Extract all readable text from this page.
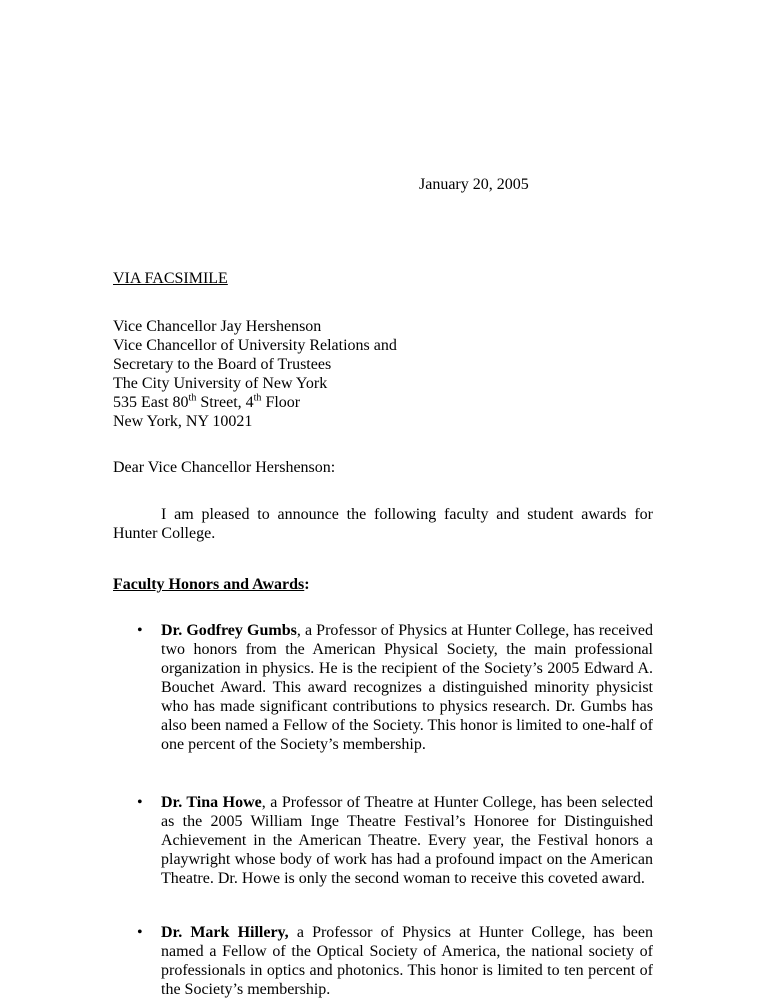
January 20, 2005
VIA FACSIMILE
Vice Chancellor Jay Hershenson
Vice Chancellor of University Relations and
Secretary to the Board of Trustees
The City University of New York
535 East 80th Street, 4th Floor
New York, NY 10021
Dear Vice Chancellor Hershenson:
I am pleased to announce the following faculty and student awards for Hunter College.
Faculty Honors and Awards:
• Dr. Godfrey Gumbs, a Professor of Physics at Hunter College, has received two honors from the American Physical Society, the main professional organization in physics. He is the recipient of the Society’s 2005 Edward A. Bouchet Award. This award recognizes a distinguished minority physicist who has made significant contributions to physics research. Dr. Gumbs has also been named a Fellow of the Society. This honor is limited to one-half of one percent of the Society’s membership.
• Dr. Tina Howe, a Professor of Theatre at Hunter College, has been selected as the 2005 William Inge Theatre Festival’s Honoree for Distinguished Achievement in the American Theatre. Every year, the Festival honors a playwright whose body of work has had a profound impact on the American Theatre. Dr. Howe is only the second woman to receive this coveted award.
• Dr. Mark Hillery, a Professor of Physics at Hunter College, has been named a Fellow of the Optical Society of America, the national society of professionals in optics and photonics. This honor is limited to ten percent of the Society’s membership.
